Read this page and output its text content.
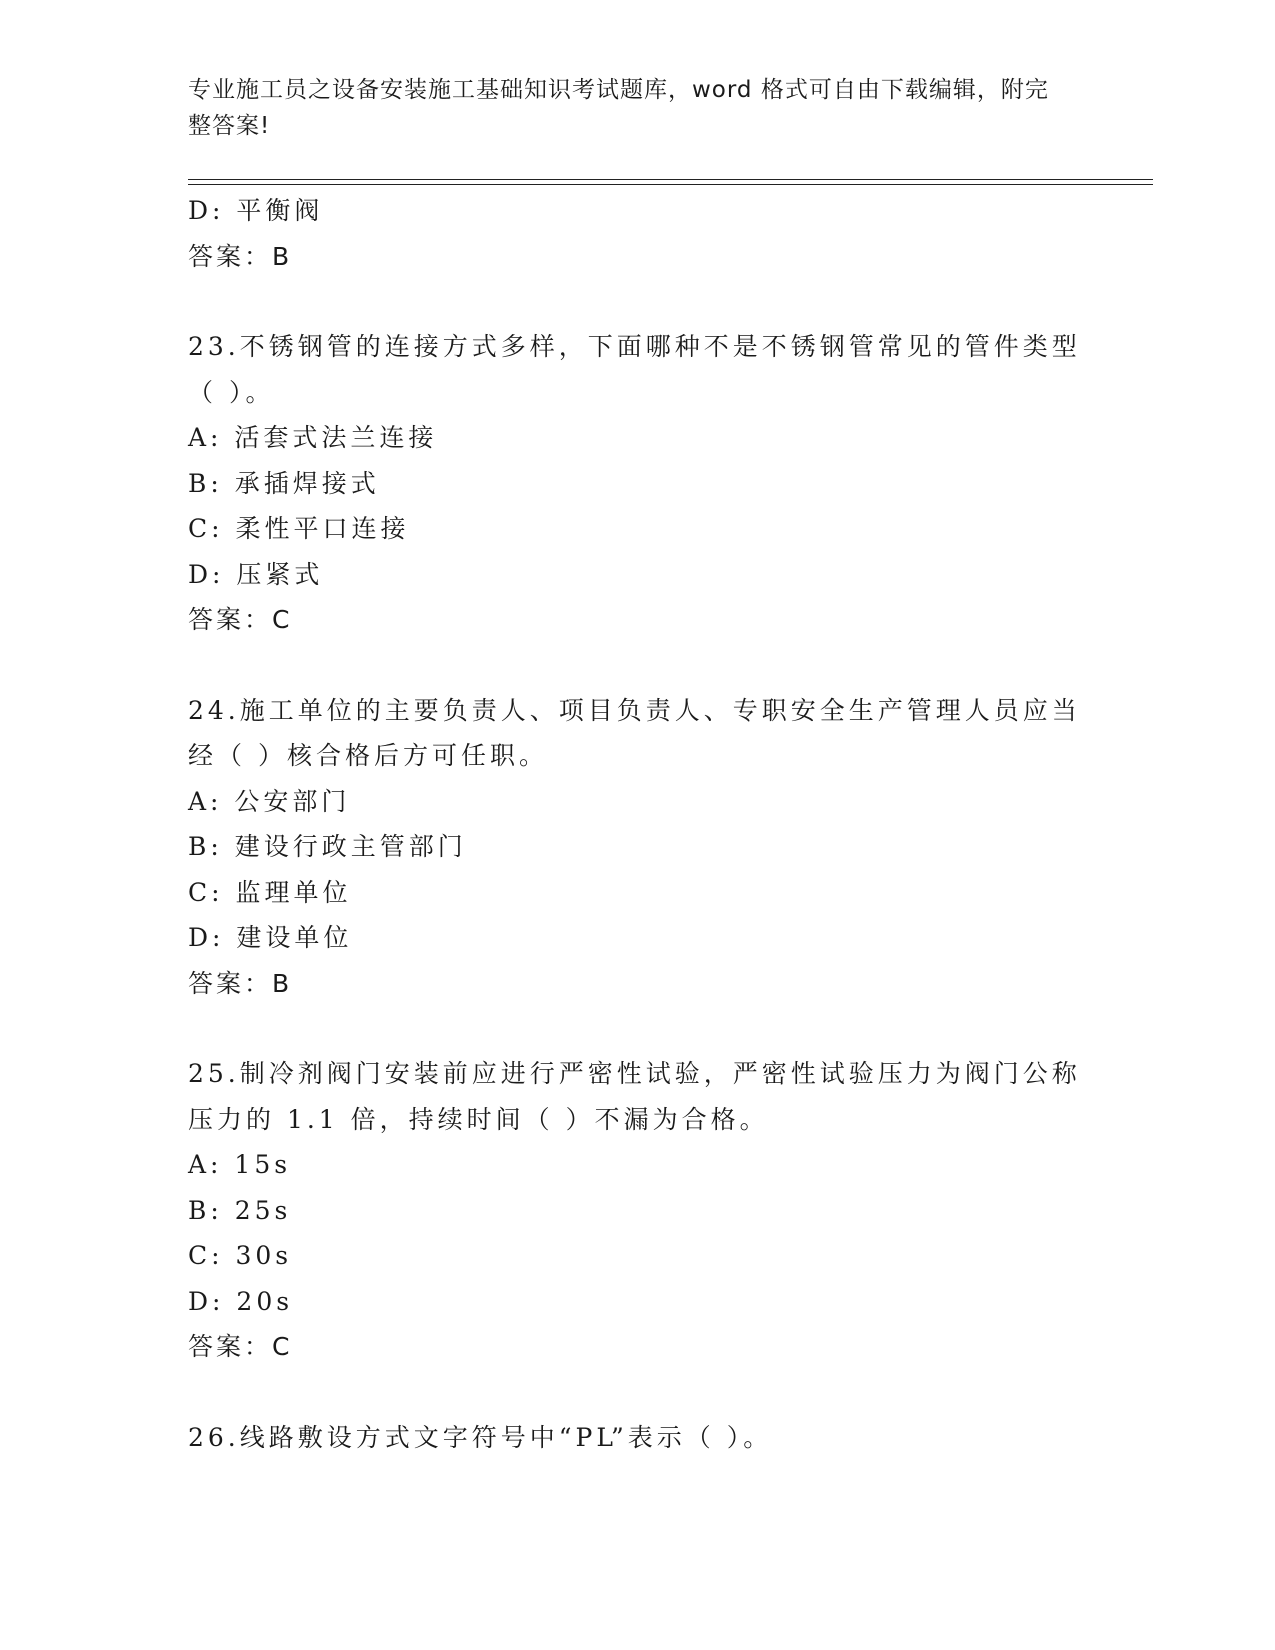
专业施工员之设备安装施工基础知识考试题库，word 格式可自由下载编辑，附完
整答案!
D: 平衡阀
答案：B
23.不锈钢管的连接方式多样，下面哪种不是不锈钢管常见的管件类型
（ ）。
A: 活套式法兰连接
B: 承插焊接式
C: 柔性平口连接
D: 压紧式
答案：C
24.施工单位的主要负责人、项目负责人、专职安全生产管理人员应当
经（ ）核合格后方可任职。
A: 公安部门
B: 建设行政主管部门
C: 监理单位
D: 建设单位
答案：B
25.制冷剂阀门安装前应进行严密性试验，严密性试验压力为阀门公称
压力的 1.1 倍，持续时间（ ）不漏为合格。
A: 15s
B: 25s
C: 30s
D: 20s
答案：C
26.线路敷设方式文字符号中“PL”表示（ ）。
